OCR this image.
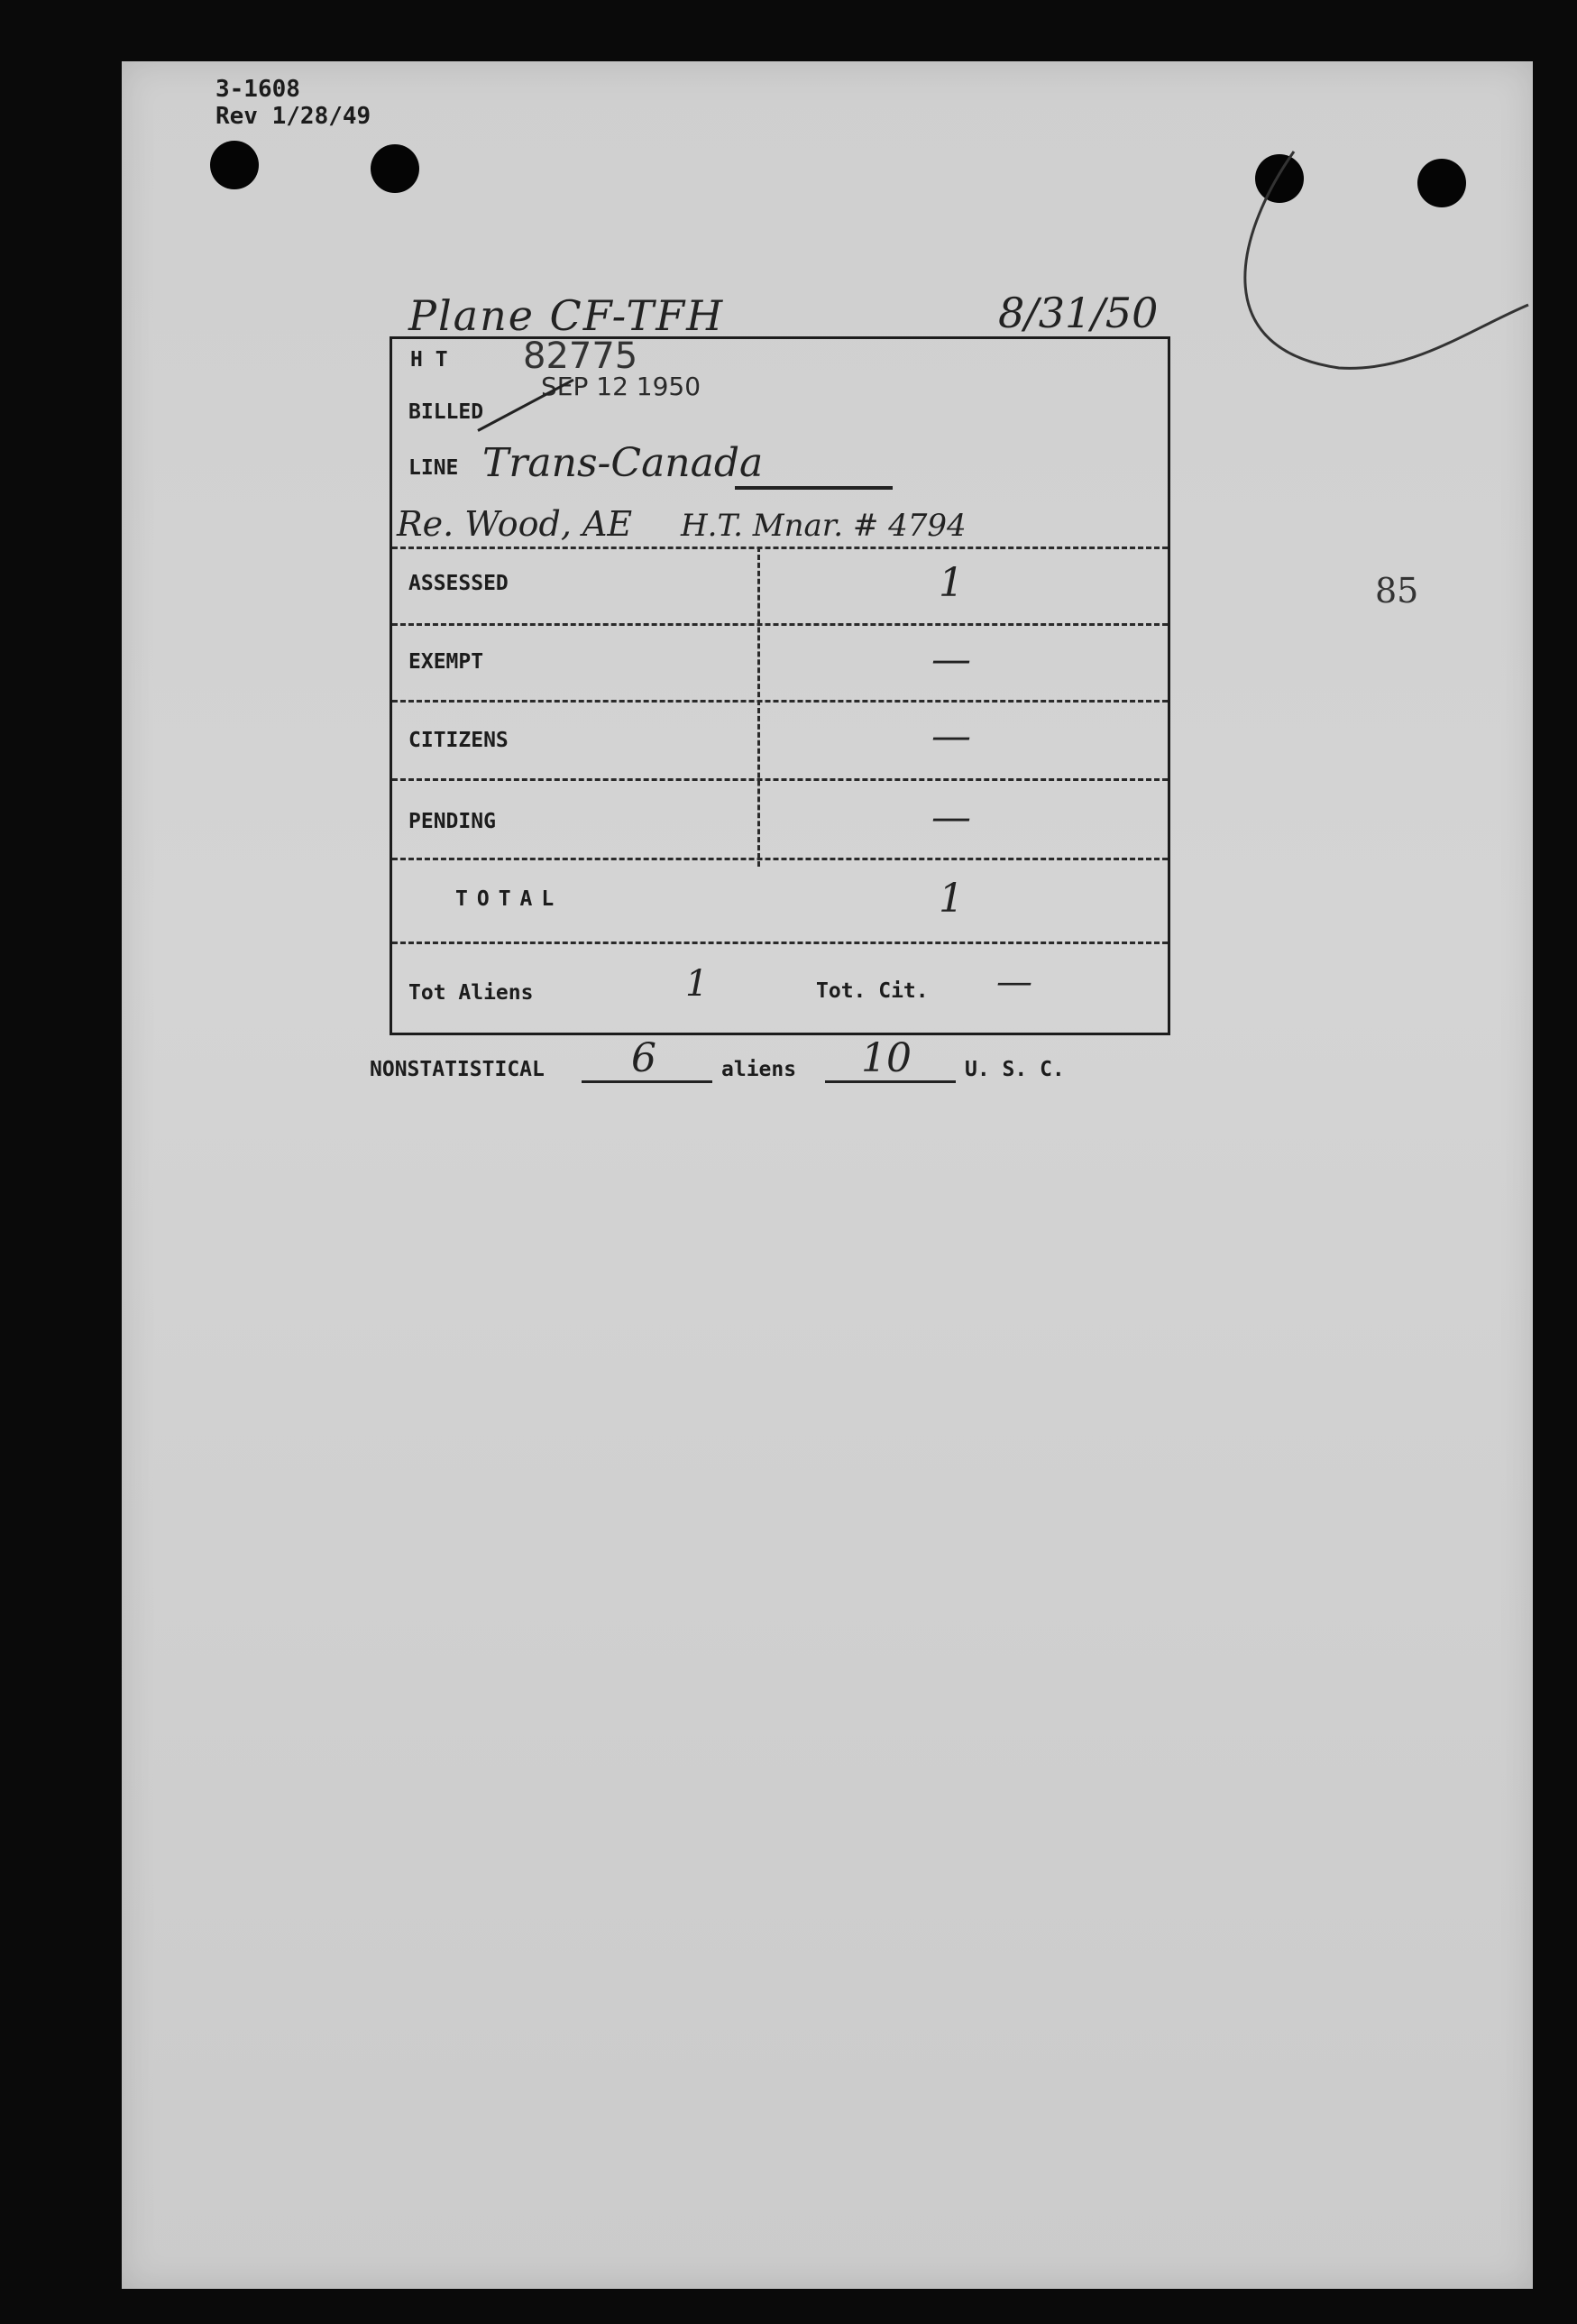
3-1608
Rev 1/28/49
Plane CF-TFH	8/31/50
85
H T 82775
SEP 12 1950
BILLED
LINE Trans-Canada
Re. Wood, AE H.T. Mnar. # 4794
ASSESSED	1
EXEMPT	—
CITIZENS	—
PENDING	—
TOTAL	1
Tot Aliens	1	Tot. Cit. —
NONSTATISTICAL 6	aliens 10	U. S. C.
